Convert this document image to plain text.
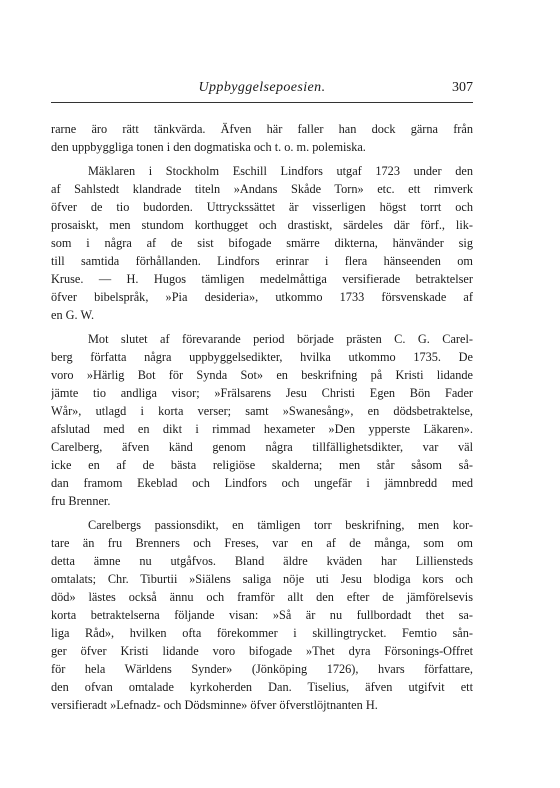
Uppbyggelsepoesien.	307
rarne äro rätt tänkvärda. Äfven här faller han dock gärna från
den uppbyggliga tonen i den dogmatiska och t. o. m. polemiska.
Mäklaren i Stockholm Eschill Lindfors utgaf 1723 under den
af Sahlstedt klandrade titeln »Andans Skåde Torn» etc. ett rimverk
öfver de tio budorden. Uttryckssättet är visserligen högst torrt och
prosaiskt, men stundom korthugget och drastiskt, särdeles där förf., lik-
som i några af de sist bifogade smärre dikterna, hänvänder sig
till samtida förhållanden. Lindfors erinrar i flera hänseenden om
Kruse. — H. Hugos tämligen medelmåttiga versifierade betraktelser
öfver bibelspråk, »Pia desideria», utkommo 1733 försvenskade af
en G. W.
Mot slutet af förevarande period började prästen C. G. Carel-
berg författa några uppbyggelsedikter, hvilka utkommo 1735. De
voro »Härlig Bot för Synda Sot» en beskrifning på Kristi lidande
jämte tio andliga visor; »Frälsarens Jesu Christi Egen Bön Fader
Wår», utlagd i korta verser; samt »Swanesång», en dödsbetraktelse,
afslutad med en dikt i rimmad hexameter »Den ypperste Läkaren».
Carelberg, äfven känd genom några tillfällighetsdikter, var väl
icke en af de bästa religiöse skalderna; men står såsom så-
dan framom Ekeblad och Lindfors och ungefär i jämnbredd med
fru Brenner.
Carelbergs passionsdikt, en tämligen torr beskrifning, men kor-
tare än fru Brenners och Freses, var en af de många, som om
detta ämne nu utgåfvos. Bland äldre kväden har Lilliensteds
omtalats; Chr. Tiburtii »Siälens saliga nöje uti Jesu blodiga kors och
död» lästes också ännu och framför allt den efter de jämförelsevis
korta betraktelserna följande visan: »Så är nu fullbordadt thet sa-
liga Råd», hvilken ofta förekommer i skillingtrycket. Femtio sån-
ger öfver Kristi lidande voro bifogade »Thet dyra Försonings-Offret
för hela Wärldens Synder» (Jönköping 1726), hvars författare,
den ofvan omtalade kyrkoherden Dan. Tiselius, äfven utgifvit ett
versifieradt »Lefnadz- och Dödsminne» öfver öfverstlöjtnanten H.
